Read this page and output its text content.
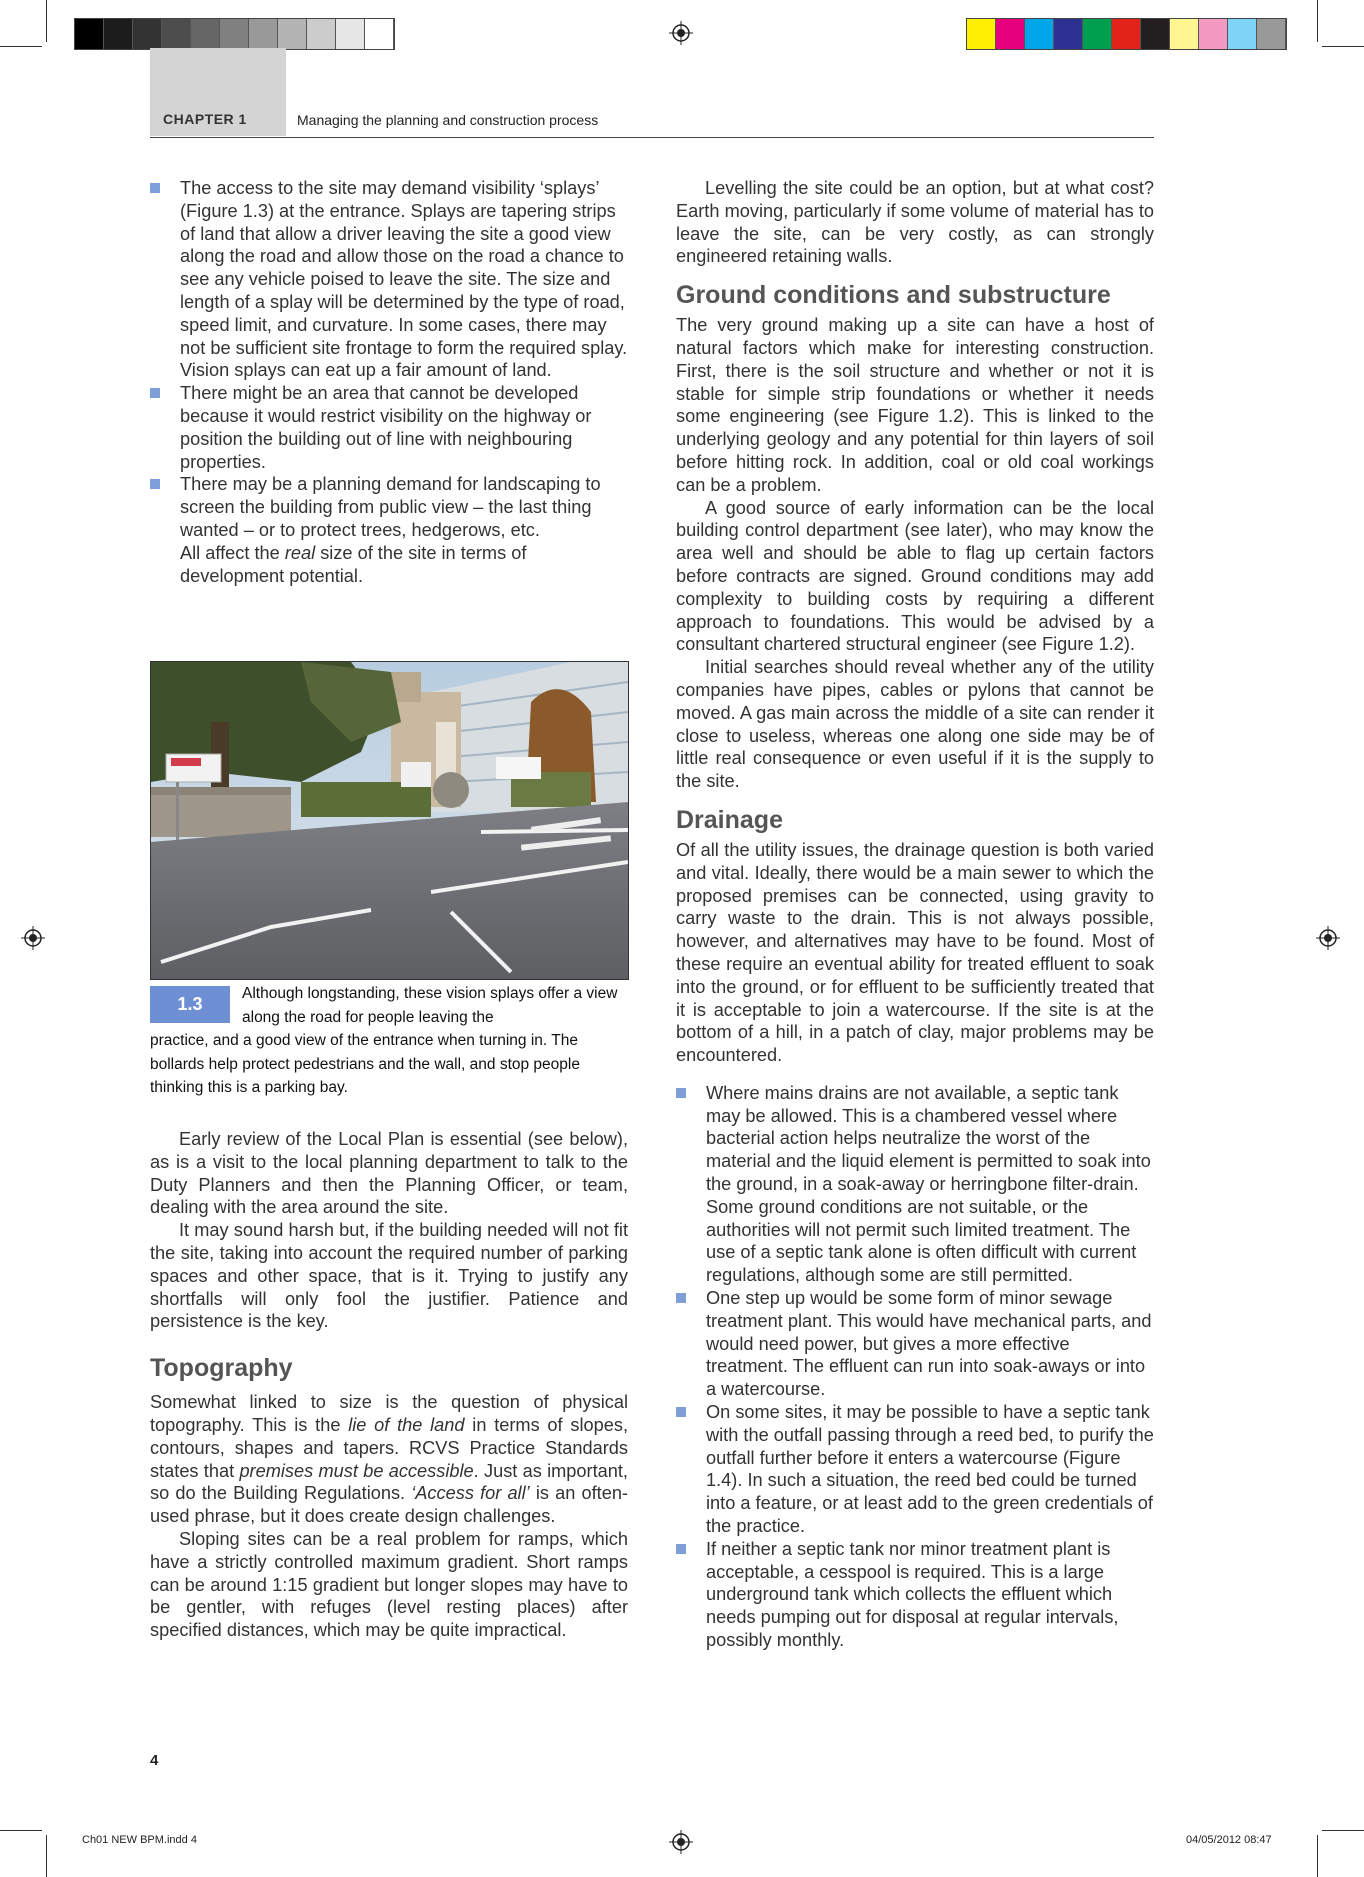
CHAPTER 1	Managing the planning and construction process
The access to the site may demand visibility ‘splays’ (Figure 1.3) at the entrance. Splays are tapering strips of land that allow a driver leaving the site a good view along the road and allow those on the road a chance to see any vehicle poised to leave the site. The size and length of a splay will be determined by the type of road, speed limit, and curvature. In some cases, there may not be sufficient site frontage to form the required splay. Vision splays can eat up a fair amount of land.
There might be an area that cannot be developed because it would restrict visibility on the highway or position the building out of line with neighbouring properties.
There may be a planning demand for landscaping to screen the building from public view – the last thing wanted – or to protect trees, hedgerows, etc.
All affect the real size of the site in terms of development potential.
1.3
Although longstanding, these vision splays offer a view along the road for people leaving the
practice, and a good view of the entrance when turning in. The bollards help protect pedestrians and the wall, and stop people thinking this is a parking bay.

Early review of the Local Plan is essential (see below), as is a visit to the local planning department to talk to the Duty Planners and then the Planning Officer, or team, dealing with the area around the site.

It may sound harsh but, if the building needed will not fit the site, taking into account the required number of parking spaces and other space, that is it. Trying to justify any shortfalls will only fool the justifier. Patience and persistence is the key.

Topography

Somewhat linked to size is the question of physical topography. This is the lie of the land in terms of slopes, contours, shapes and tapers. RCVS Practice Standards states that premises must be accessible. Just as important, so do the Building Regulations. ‘Access for all’ is an often-used phrase, but it does create design challenges.

Sloping sites can be a real problem for ramps, which have a strictly controlled maximum gradient. Short ramps can be around 1:15 gradient but longer slopes may have to be gentler, with refuges (level resting places) after specified distances, which may be quite impractical.

Levelling the site could be an option, but at what cost? Earth moving, particularly if some volume of material has to leave the site, can be very costly, as can strongly engineered retaining walls.

Ground conditions and substructure

The very ground making up a site can have a host of natural factors which make for interesting construction. First, there is the soil structure and whether or not it is stable for simple strip foundations or whether it needs some engineering (see Figure 1.2). This is linked to the underlying geology and any potential for thin layers of soil before hitting rock. In addition, coal or old coal workings can be a problem.

A good source of early information can be the local building control department (see later), who may know the area well and should be able to flag up certain factors before contracts are signed. Ground conditions may add complexity to building costs by requiring a different approach to foundations. This would be advised by a consultant chartered structural engineer (see Figure 1.2).

Initial searches should reveal whether any of the utility companies have pipes, cables or pylons that cannot be moved. A gas main across the middle of a site can render it close to useless, whereas one along one side may be of little real consequence or even useful if it is the supply to the site.

Drainage

Of all the utility issues, the drainage question is both varied and vital. Ideally, there would be a main sewer to which the proposed premises can be connected, using gravity to carry waste to the drain. This is not always possible, however, and alternatives may have to be found. Most of these require an eventual ability for treated effluent to soak into the ground, or for effluent to be sufficiently treated that it is acceptable to join a watercourse. If the site is at the bottom of a hill, in a patch of clay, major problems may be encountered.

Where mains drains are not available, a septic tank may be allowed. This is a chambered vessel where bacterial action helps neutralize the worst of the material and the liquid element is permitted to soak into the ground, in a soak-away or herringbone filter-drain. Some ground conditions are not suitable, or the authorities will not permit such limited treatment. The use of a septic tank alone is often difficult with current regulations, although some are still permitted.
One step up would be some form of minor sewage treatment plant. This would have mechanical parts, and would need power, but gives a more effective treatment. The effluent can run into soak-aways or into a watercourse.
On some sites, it may be possible to have a septic tank with the outfall passing through a reed bed, to purify the outfall further before it enters a watercourse (Figure 1.4). In such a situation, the reed bed could be turned into a feature, or at least add to the green credentials of the practice.
If neither a septic tank nor minor treatment plant is acceptable, a cesspool is required. This is a large underground tank which collects the effluent which needs pumping out for disposal at regular intervals, possibly monthly.
4
Ch01 NEW BPM.indd 4	04/05/2012 08:47
